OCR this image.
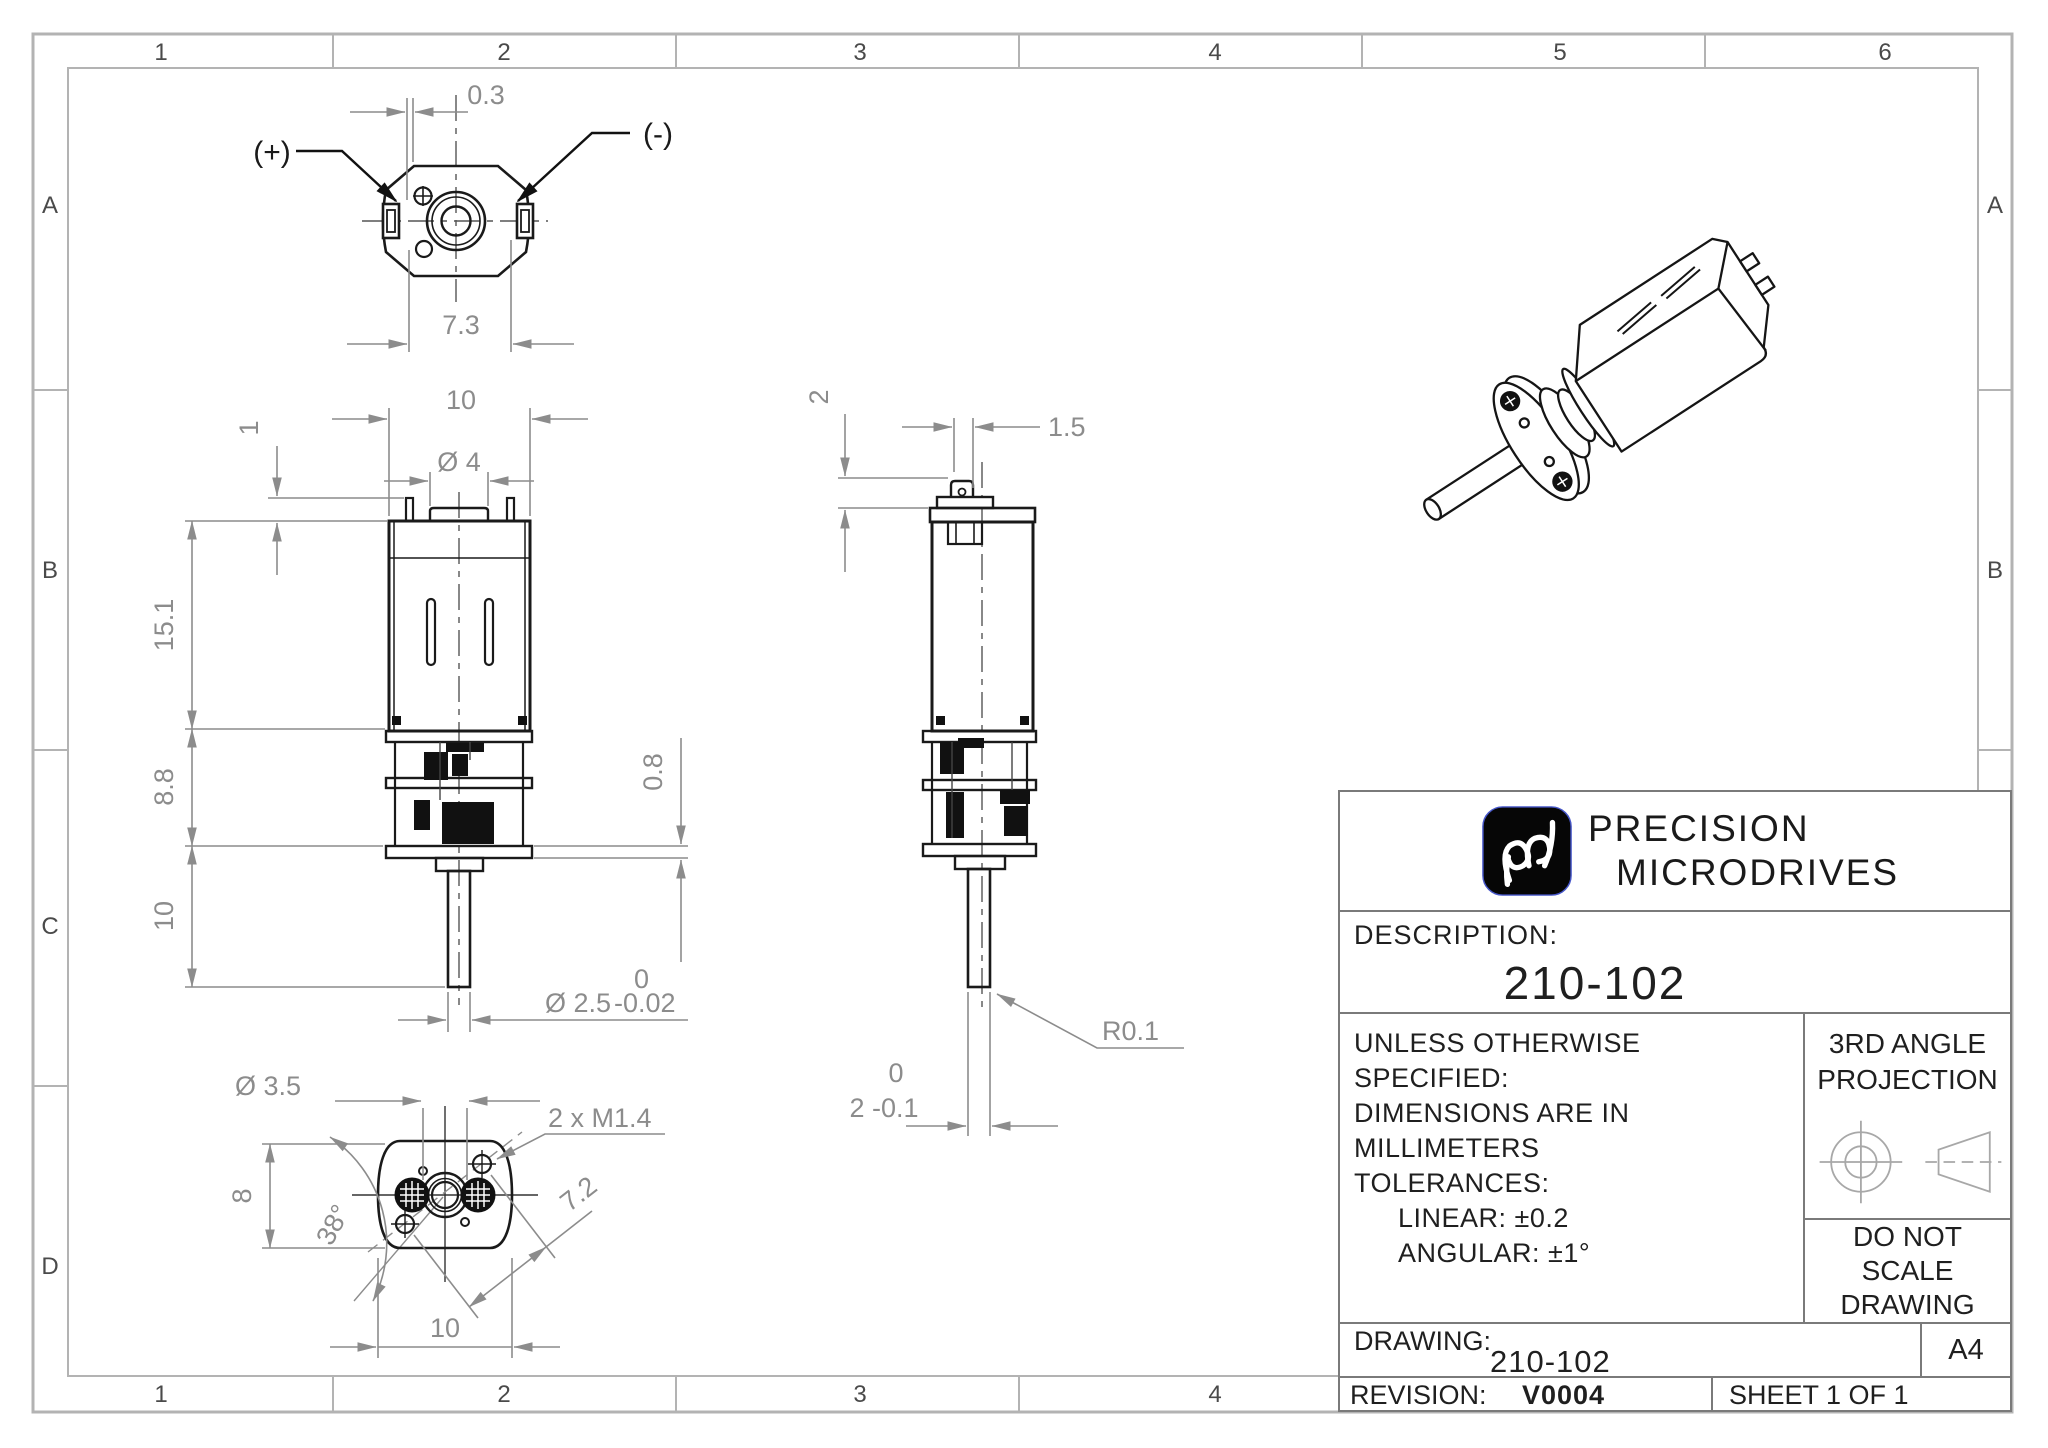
1	2	3	4	5	6
1	2	3	4
A
B
C
D
A
B
(+)
(-)
0.3
7.3
10
Ø 4
1
15.1
8.8
10
Ø 2.5
0
-0.02
0.8
2
1.5
R0.1
0
2 -0.1
Ø 3.5
2 x M1.4
8
38°
7.2
10
PRECISION
MICRODRIVES
DESCRIPTION:
210-102
UNLESS OTHERWISE SPECIFIED:
DIMENSIONS ARE IN MILLIMETERS
TOLERANCES:
LINEAR: ±0.2
ANGULAR: ±1°
3RD ANGLE
PROJECTION
DO NOT SCALE
DRAWING
DRAWING:
210-102	A4
REVISION: V0004	SHEET 1 OF 1
